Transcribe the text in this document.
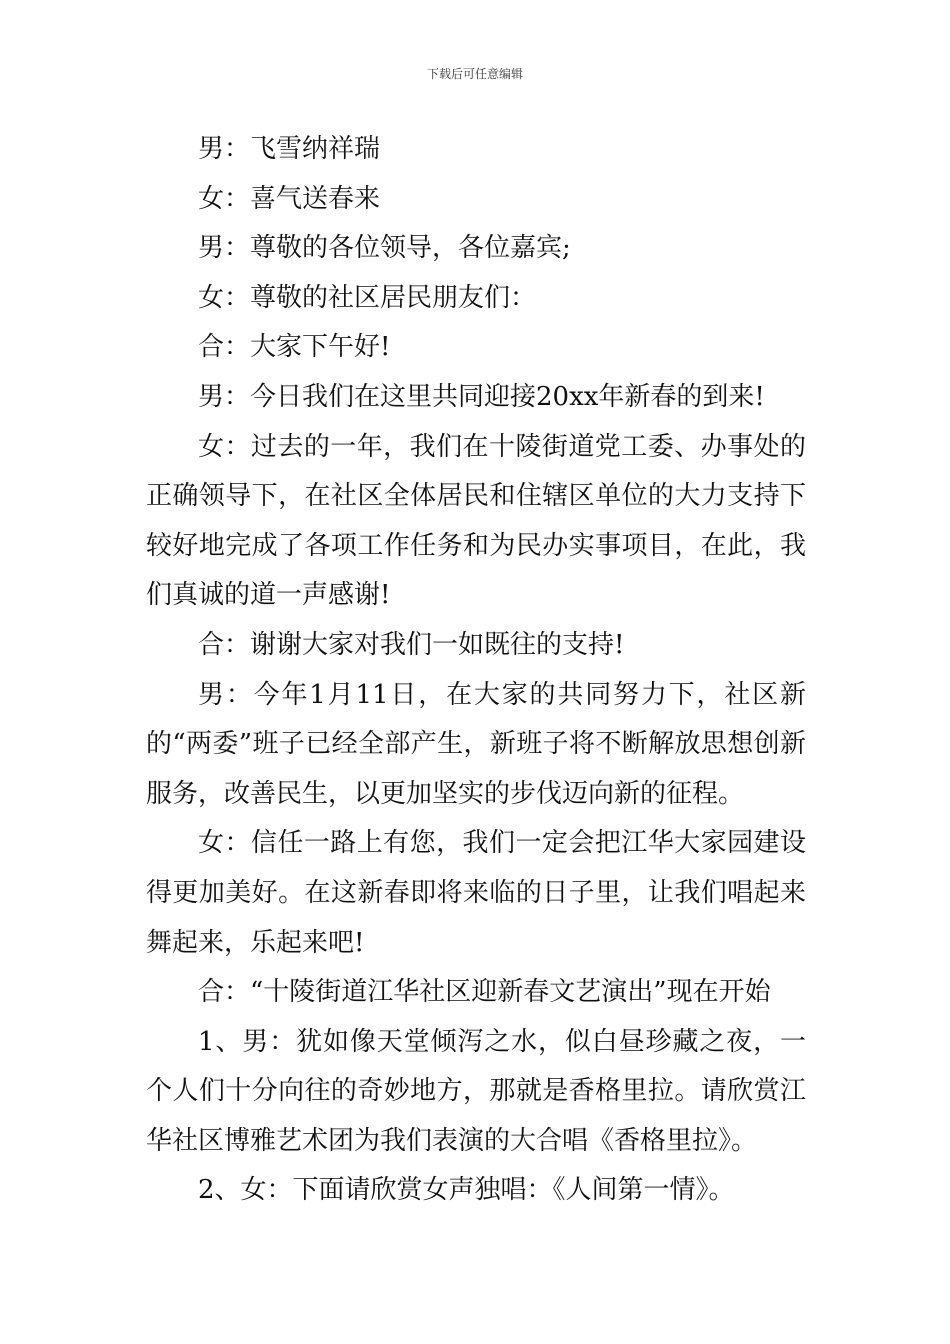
下载后可任意编辑

男：飞雪纳祥瑞

女：喜气送春来

男：尊敬的各位领导，各位嘉宾;

女：尊敬的社区居民朋友们：

合：大家下午好!

男：今日我们在这里共同迎接20xx年新春的到来!

女：过去的一年，我们在十陵街道党工委、办事处的正确领导下，在社区全体居民和住辖区单位的大力支持下较好地完成了各项工作任务和为民办实事项目，在此，我们真诚的道一声感谢!

合：谢谢大家对我们一如既往的支持!

男：今年1月11日，在大家的共同努力下，社区新的“两委”班子已经全部产生，新班子将不断解放思想创新服务，改善民生，以更加坚实的步伐迈向新的征程。

女：信任一路上有您，我们一定会把江华大家园建设得更加美好。在这新春即将来临的日子里，让我们唱起来舞起来，乐起来吧!

合：“十陵街道江华社区迎新春文艺演出”现在开始

1、男：犹如像天堂倾泻之水，似白昼珍藏之夜，一个人们十分向往的奇妙地方，那就是香格里拉。请欣赏江华社区博雅艺术团为我们表演的大合唱《香格里拉》。

2、女：下面请欣赏女声独唱：《人间第一情》。
